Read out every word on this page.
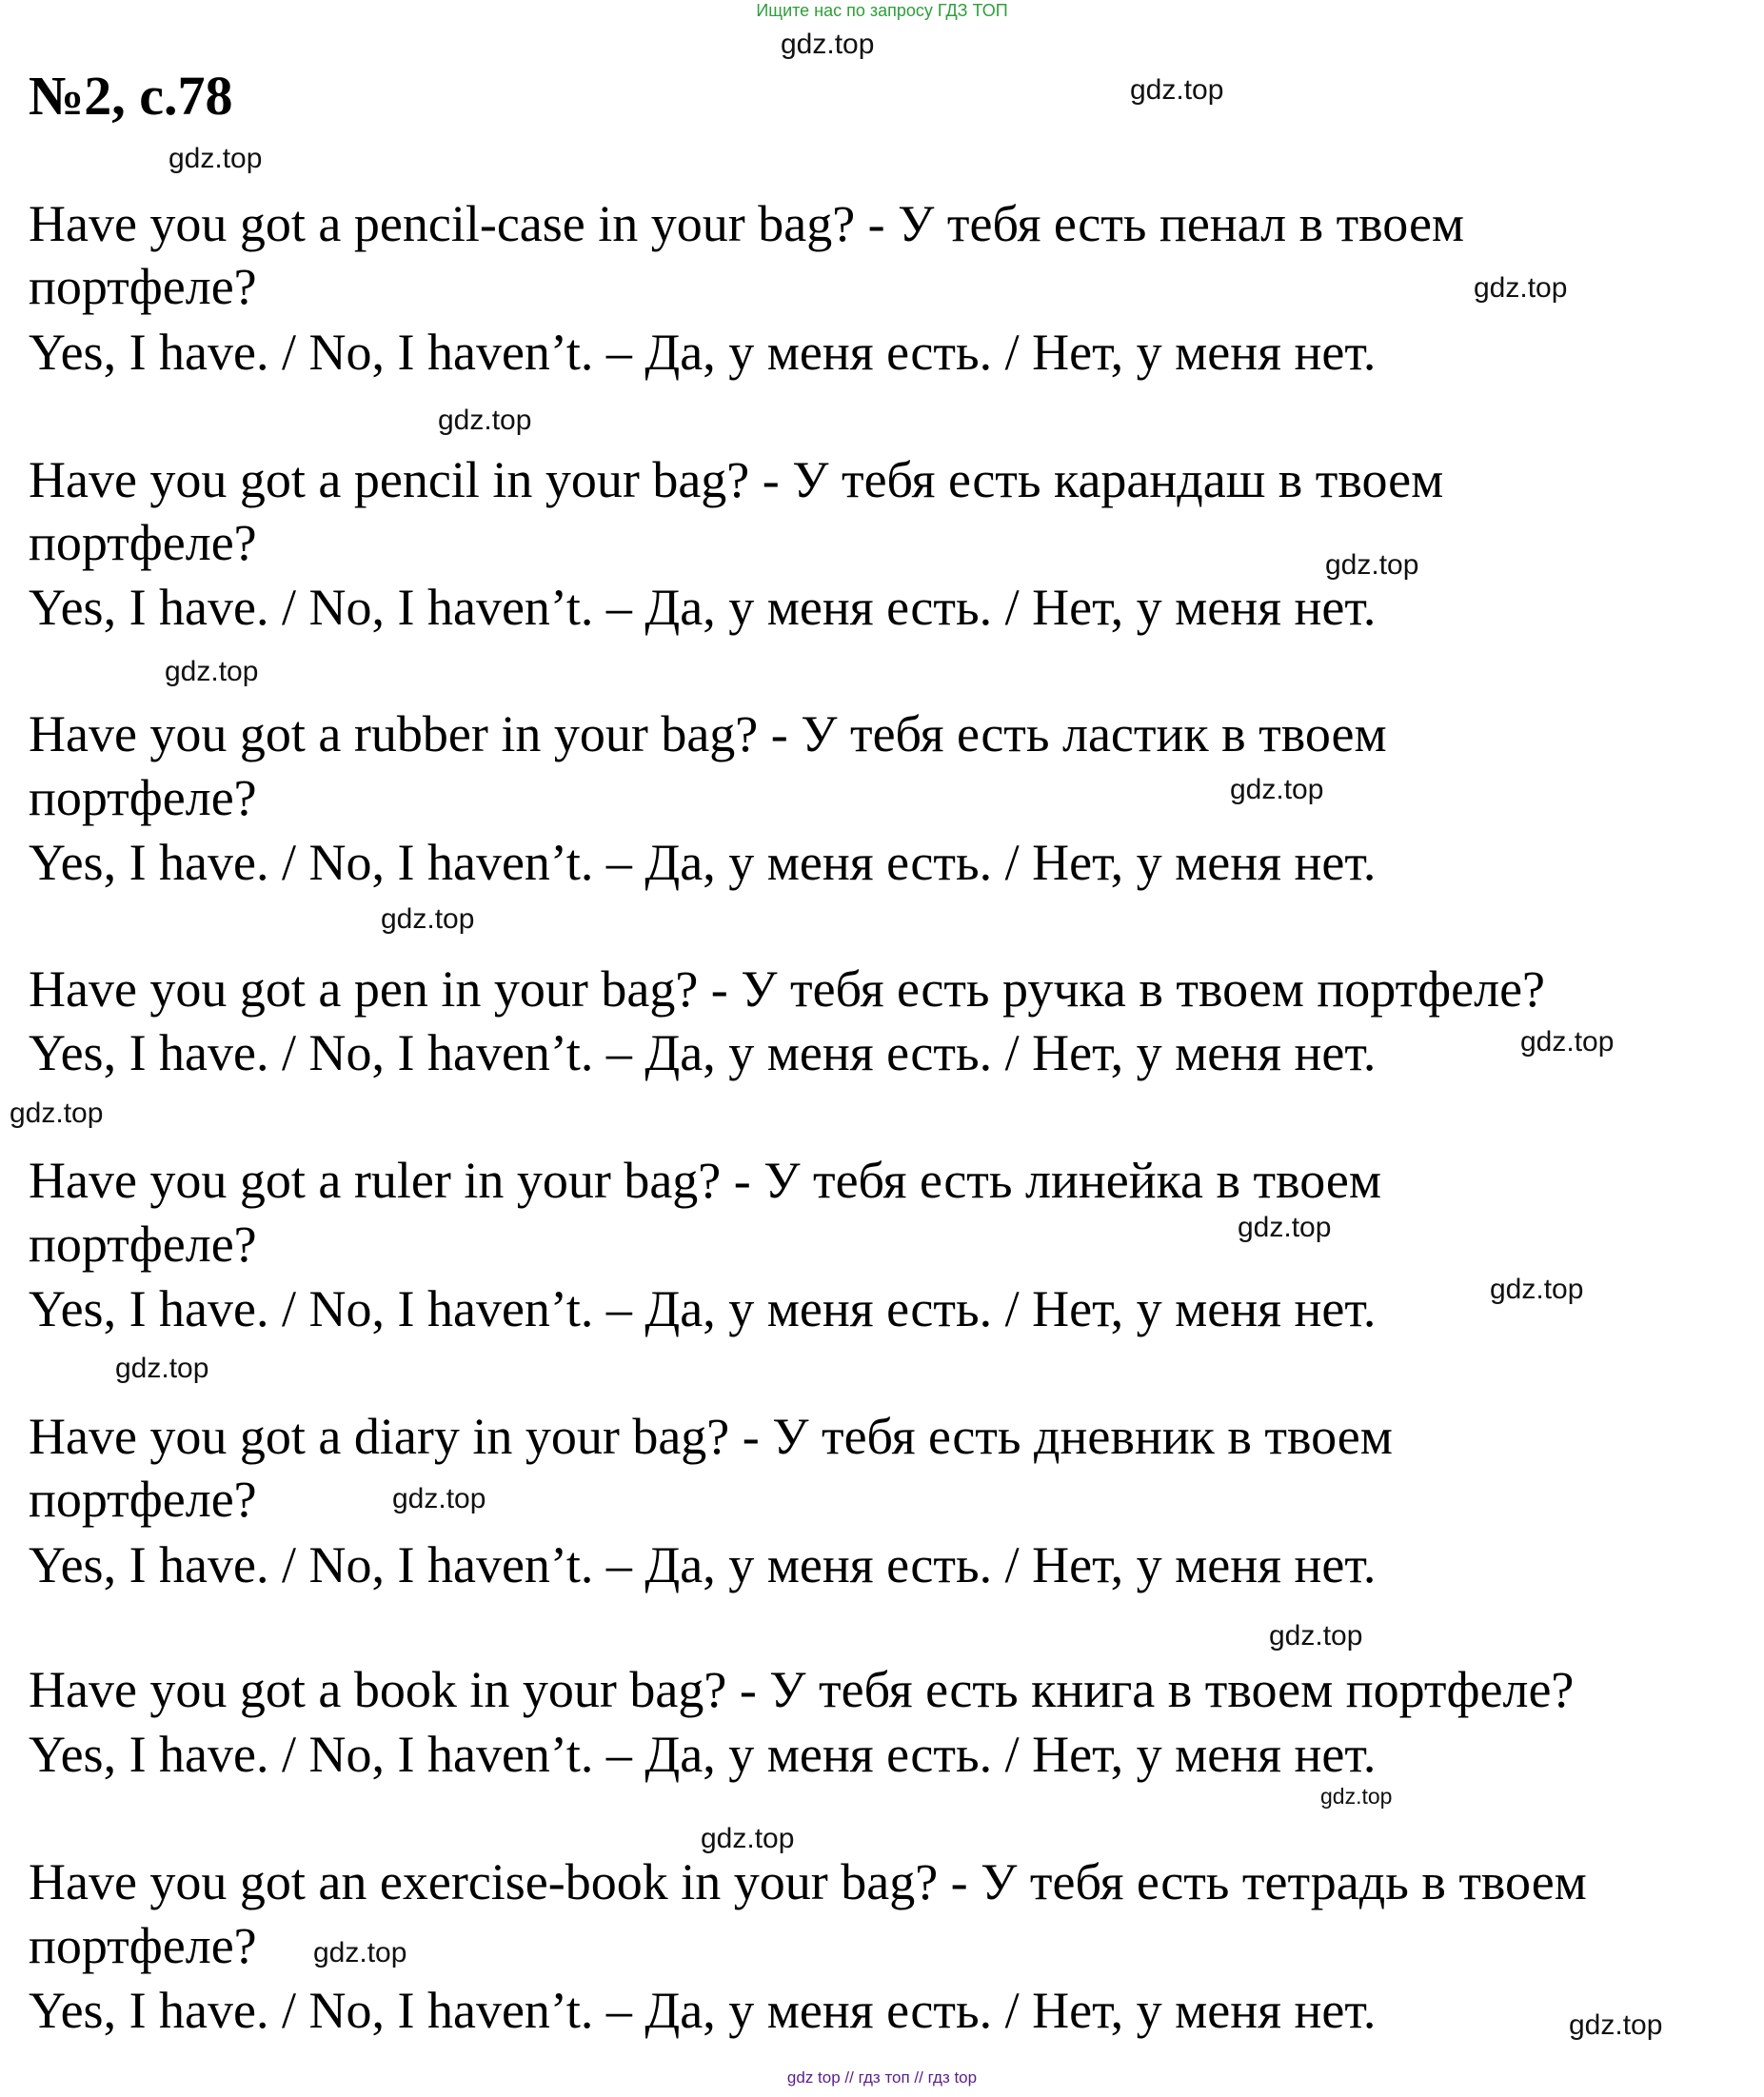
Ищите нас по запросу ГДЗ ТОП
№2, с.78
Have you got a pencil-case in your bag? - У тебя есть пенал в твоем
портфеле?
Yes, I have. / No, I haven’t. – Да, у меня есть. / Нет, у меня нет.
Have you got a pencil in your bag? - У тебя есть карандаш в твоем
портфеле?
Yes, I have. / No, I haven’t. – Да, у меня есть. / Нет, у меня нет.
Have you got a rubber in your bag? - У тебя есть ластик в твоем
портфеле?
Yes, I have. / No, I haven’t. – Да, у меня есть. / Нет, у меня нет.
Have you got a pen in your bag? - У тебя есть ручка в твоем портфеле?
Yes, I have. / No, I haven’t. – Да, у меня есть. / Нет, у меня нет.
Have you got a ruler in your bag? - У тебя есть линейка в твоем
портфеле?
Yes, I have. / No, I haven’t. – Да, у меня есть. / Нет, у меня нет.
Have you got a diary in your bag? - У тебя есть дневник в твоем
портфеле?
Yes, I have. / No, I haven’t. – Да, у меня есть. / Нет, у меня нет.
Have you got a book in your bag? - У тебя есть книга в твоем портфеле?
Yes, I have. / No, I haven’t. – Да, у меня есть. / Нет, у меня нет.
Have you got an exercise-book in your bag? - У тебя есть тетрадь в твоем
портфеле?
Yes, I have. / No, I haven’t. – Да, у меня есть. / Нет, у меня нет.
gdz.top
gdz.top
gdz.top
gdz.top
gdz.top
gdz.top
gdz.top
gdz.top
gdz.top
gdz.top
gdz.top
gdz.top
gdz.top
gdz.top
gdz.top
gdz.top
gdz.top
gdz.top
gdz.top
gdz.top
gdz top // гдз топ // гдз top
